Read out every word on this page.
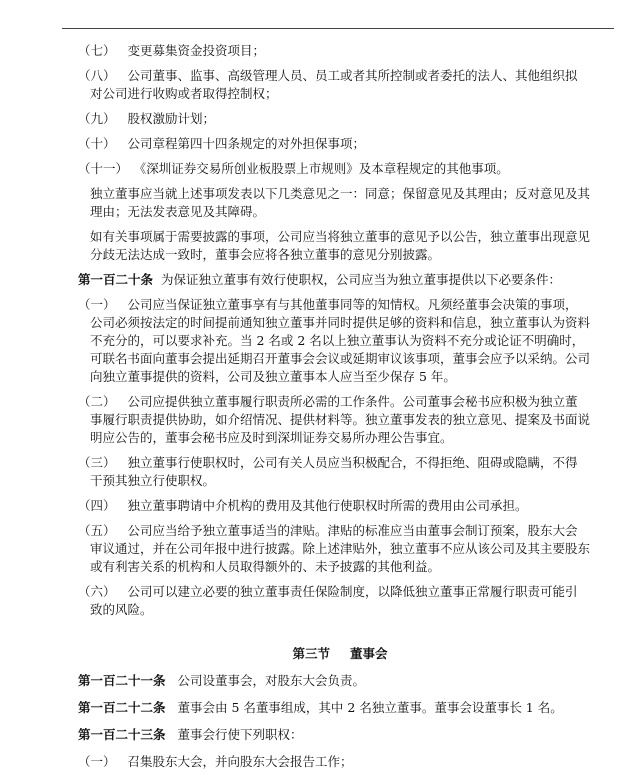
（七） 变更募集资金投资项目；

（八） 公司董事、监事、高级管理人员、员工或者其所控制或者委托的法人、其他组织拟对公司进行收购或者取得控制权；

（九） 股权激励计划；

（十） 公司章程第四十四条规定的对外担保事项；

（十一） 《深圳证券交易所创业板股票上市规则》及本章程规定的其他事项。

独立董事应当就上述事项发表以下几类意见之一：同意；保留意见及其理由；反对意见及其理由；无法发表意见及其障碍。

如有关事项属于需要披露的事项，公司应当将独立董事的意见予以公告，独立董事出现意见分歧无法达成一致时，董事会应将各独立董事的意见分别披露。

第一百二十条 为保证独立董事有效行使职权，公司应当为独立董事提供以下必要条件：

（一） 公司应当保证独立董事享有与其他董事同等的知情权。凡须经董事会决策的事项，公司必须按法定的时间提前通知独立董事并同时提供足够的资料和信息，独立董事认为资料不充分的，可以要求补充。当 2 名或 2 名以上独立董事认为资料不充分或论证不明确时，可联名书面向董事会提出延期召开董事会会议或延期审议该事项，董事会应予以采纳。公司向独立董事提供的资料，公司及独立董事本人应当至少保存 5 年。

（二） 公司应提供独立董事履行职责所必需的工作条件。公司董事会秘书应积极为独立董事履行职责提供协助，如介绍情况、提供材料等。独立董事发表的独立意见、提案及书面说明应公告的，董事会秘书应及时到深圳证券交易所办理公告事宜。

（三） 独立董事行使职权时，公司有关人员应当积极配合，不得拒绝、阻碍或隐瞒，不得干预其独立行使职权。

（四） 独立董事聘请中介机构的费用及其他行使职权时所需的费用由公司承担。

（五） 公司应当给予独立董事适当的津贴。津贴的标准应当由董事会制订预案，股东大会审议通过，并在公司年报中进行披露。除上述津贴外，独立董事不应从该公司及其主要股东或有利害关系的机构和人员取得额外的、未予披露的其他利益。

（六） 公司可以建立必要的独立董事责任保险制度，以降低独立董事正常履行职责可能引致的风险。

第三节 董事会

第一百二十一条 公司设董事会，对股东大会负责。

第一百二十二条 董事会由 5 名董事组成，其中 2 名独立董事。董事会设董事长 1 名。

第一百二十三条 董事会行使下列职权：

（一） 召集股东大会，并向股东大会报告工作；
